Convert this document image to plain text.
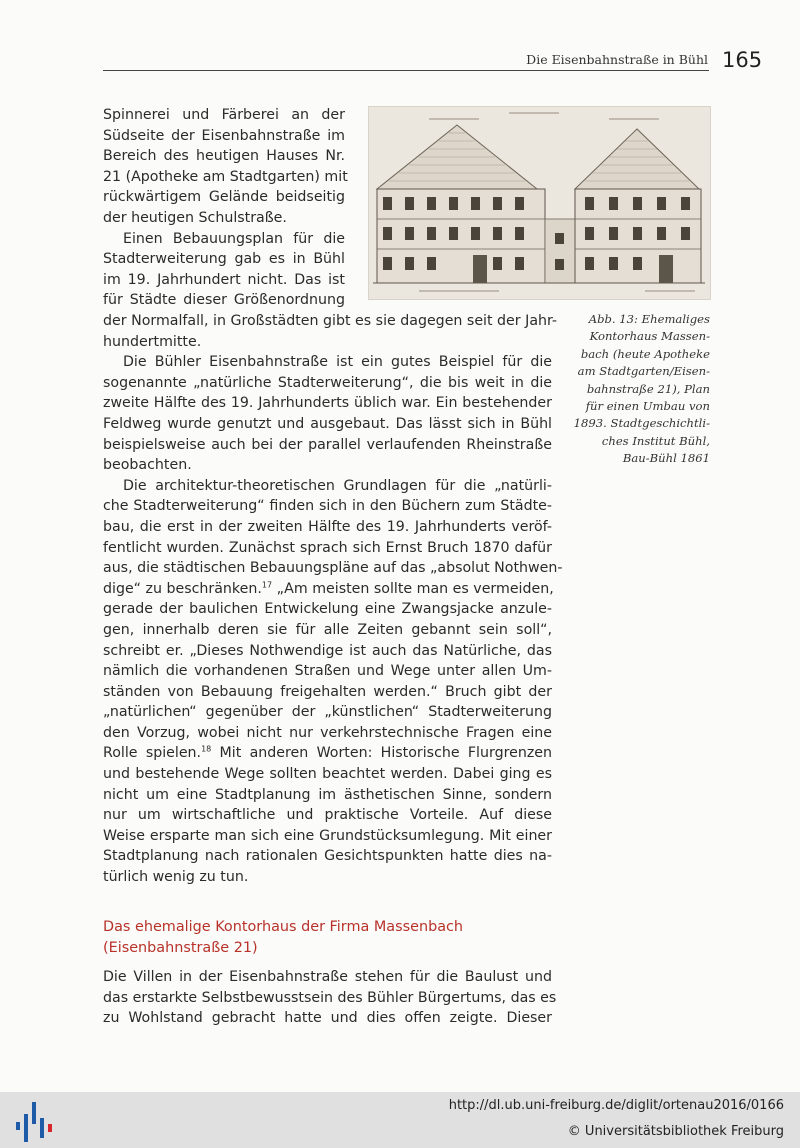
Die Eisenbahnstraße in Bühl 165
Abb. 13: Ehemaliges
Kontorhaus Massen-
bach (heute Apotheke
am Stadtgarten/Eisen-
bahnstraße 21), Plan
für einen Umbau von
1893. Stadtgeschichtli-
ches Institut Bühl,
Bau-Bühl 1861
Spinnerei und Färberei an der
Südseite der Eisenbahnstraße im
Bereich des heutigen Hauses Nr.
21 (Apotheke am Stadtgarten) mit
rückwärtigem Gelände beidseitig
der heutigen Schulstraße.
Einen Bebauungsplan für die
Stadterweiterung gab es in Bühl
im 19. Jahrhundert nicht. Das ist
für Städte dieser Größenordnung
der Normalfall, in Großstädten gibt es sie dagegen seit der Jahr-
hundertmitte.
Die Bühler Eisenbahnstraße ist ein gutes Beispiel für die
sogenannte „natürliche Stadterweiterung“, die bis weit in die
zweite Hälfte des 19. Jahrhunderts üblich war. Ein bestehender
Feldweg wurde genutzt und ausgebaut. Das lässt sich in Bühl
beispielsweise auch bei der parallel verlaufenden Rheinstraße
beobachten.
Die architektur-theoretischen Grundlagen für die „natürli-
che Stadterweiterung“ finden sich in den Büchern zum Städte-
bau, die erst in der zweiten Hälfte des 19. Jahrhunderts veröf-
fentlicht wurden. Zunächst sprach sich Ernst Bruch 1870 dafür
aus, die städtischen Bebauungspläne auf das „absolut Nothwen-
dige“ zu beschränken.$^{17}$ „Am meisten sollte man es vermeiden,
gerade der baulichen Entwickelung eine Zwangsjacke anzule-
gen, innerhalb deren sie für alle Zeiten gebannt sein soll“,
schreibt er. „Dieses Nothwendige ist auch das Natürliche, das
nämlich die vorhandenen Straßen und Wege unter allen Um-
ständen von Bebauung freigehalten werden.“ Bruch gibt der
„natürlichen“ gegenüber der „künstlichen“ Stadterweiterung
den Vorzug, wobei nicht nur verkehrstechnische Fragen eine
Rolle spielen.$^{18}$ Mit anderen Worten: Historische Flurgrenzen
und bestehende Wege sollten beachtet werden. Dabei ging es
nicht um eine Stadtplanung im ästhetischen Sinne, sondern
nur um wirtschaftliche und praktische Vorteile. Auf diese
Weise ersparte man sich eine Grundstücksumlegung. Mit einer
Stadtplanung nach rationalen Gesichtspunkten hatte dies na-
türlich wenig zu tun.
Das ehemalige Kontorhaus der Firma Massenbach
(Eisenbahnstraße 21)
Die Villen in der Eisenbahnstraße stehen für die Baulust und
das erstarkte Selbstbewusstsein des Bühler Bürgertums, das es
zu Wohlstand gebracht hatte und dies offen zeigte. Dieser
http://dl.ub.uni-freiburg.de/diglit/ortenau2016/0166
© Universitätsbibliothek Freiburg
